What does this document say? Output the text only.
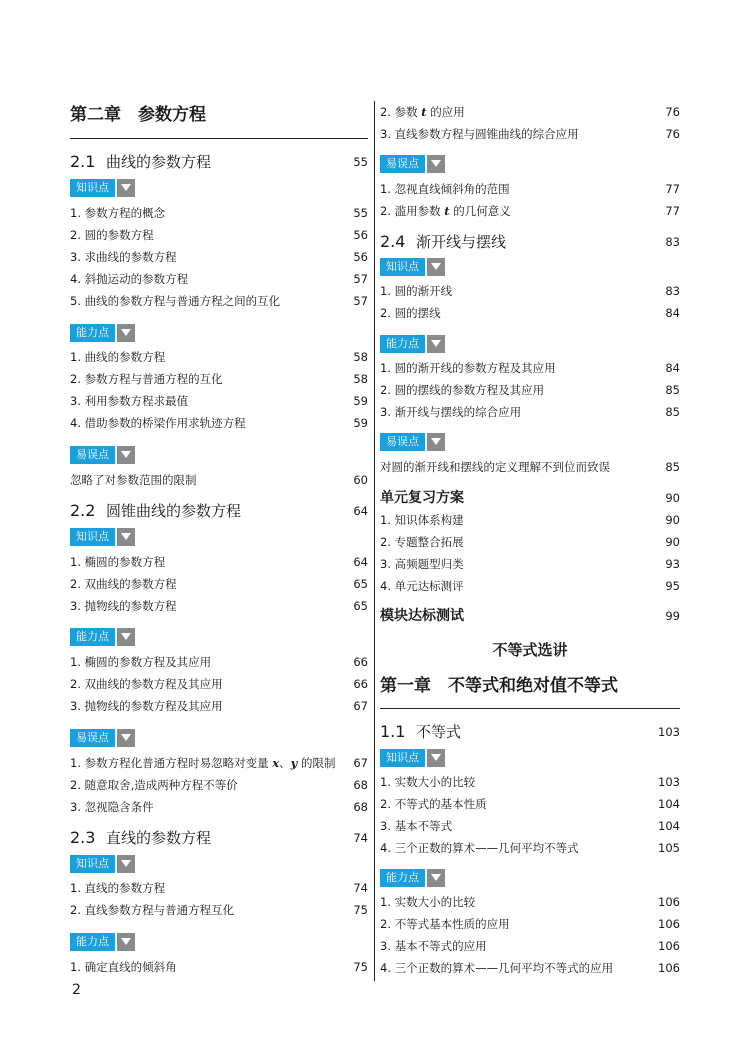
第二章　参数方程
2.1 曲线的参数方程	55
知识点
1. 参数方程的概念	55
2. 圆的参数方程	56
3. 求曲线的参数方程	56
4. 斜抛运动的参数方程	57
5. 曲线的参数方程与普通方程之间的互化	57
能力点
1. 曲线的参数方程	58
2. 参数方程与普通方程的互化	58
3. 利用参数方程求最值	59
4. 借助参数的桥梁作用求轨迹方程	59
易误点
忽略了对参数范围的限制	60
2.2 圆锥曲线的参数方程	64
知识点
1. 椭圆的参数方程	64
2. 双曲线的参数方程	65
3. 抛物线的参数方程	65
能力点
1. 椭圆的参数方程及其应用	66
2. 双曲线的参数方程及其应用	66
3. 抛物线的参数方程及其应用	67
易误点
1. 参数方程化普通方程时易忽略对变量 x、y 的限制 67
2. 随意取舍,造成两种方程不等价	68
3. 忽视隐含条件	68
2.3 直线的参数方程	74
知识点
1. 直线的参数方程	74
2. 直线参数方程与普通方程互化	75
能力点
1. 确定直线的倾斜角	75
2. 参数 t 的应用	76
3. 直线参数方程与圆锥曲线的综合应用	76
易误点
1. 忽视直线倾斜角的范围	77
2. 滥用参数 t 的几何意义	77
2.4 渐开线与摆线	83
知识点
1. 圆的渐开线	83
2. 圆的摆线	84
能力点
1. 圆的渐开线的参数方程及其应用	84
2. 圆的摆线的参数方程及其应用	85
3. 渐开线与摆线的综合应用	85
易误点
对圆的渐开线和摆线的定义理解不到位而致误	85
单元复习方案	90
1. 知识体系构建	90
2. 专题整合拓展	90
3. 高频题型归类	93
4. 单元达标测评	95
模块达标测试	99
不等式选讲
第一章　不等式和绝对值不等式
1.1 不等式	103
知识点
1. 实数大小的比较	103
2. 不等式的基本性质	104
3. 基本不等式	104
4. 三个正数的算术——几何平均不等式	105
能力点
1. 实数大小的比较	106
2. 不等式基本性质的应用	106
3. 基本不等式的应用	106
4. 三个正数的算术——几何平均不等式的应用	106
2
